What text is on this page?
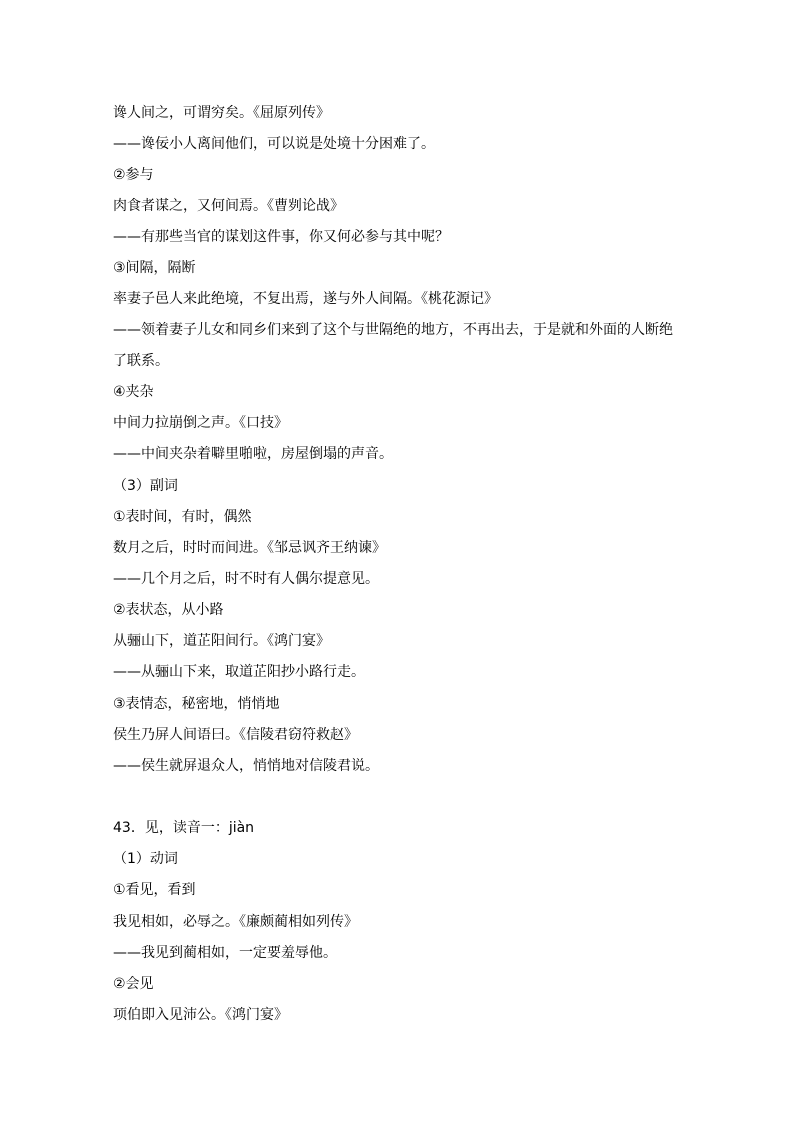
谗人间之，可谓穷矣。《屈原列传》
——谗佞小人离间他们，可以说是处境十分困难了。
②参与
肉食者谋之，又何间焉。《曹刿论战》
——有那些当官的谋划这件事，你又何必参与其中呢？
③间隔，隔断
率妻子邑人来此绝境，不复出焉，遂与外人间隔。《桃花源记》
——领着妻子儿女和同乡们来到了这个与世隔绝的地方，不再出去，于是就和外面的人断绝
了联系。
④夹杂
中间力拉崩倒之声。《口技》
——中间夹杂着噼里啪啦，房屋倒塌的声音。
（3）副词
①表时间，有时，偶然
数月之后，时时而间进。《邹忌讽齐王纳谏》
——几个月之后，时不时有人偶尔提意见。
②表状态，从小路
从骊山下，道芷阳间行。《鸿门宴》
——从骊山下来，取道芷阳抄小路行走。
③表情态，秘密地，悄悄地
侯生乃屏人间语曰。《信陵君窃符救赵》
——侯生就屏退众人，悄悄地对信陵君说。
43．见，读音一：jiàn
（1）动词
①看见，看到
我见相如，必辱之。《廉颇蔺相如列传》
——我见到蔺相如，一定要羞辱他。
②会见
项伯即入见沛公。《鸿门宴》
